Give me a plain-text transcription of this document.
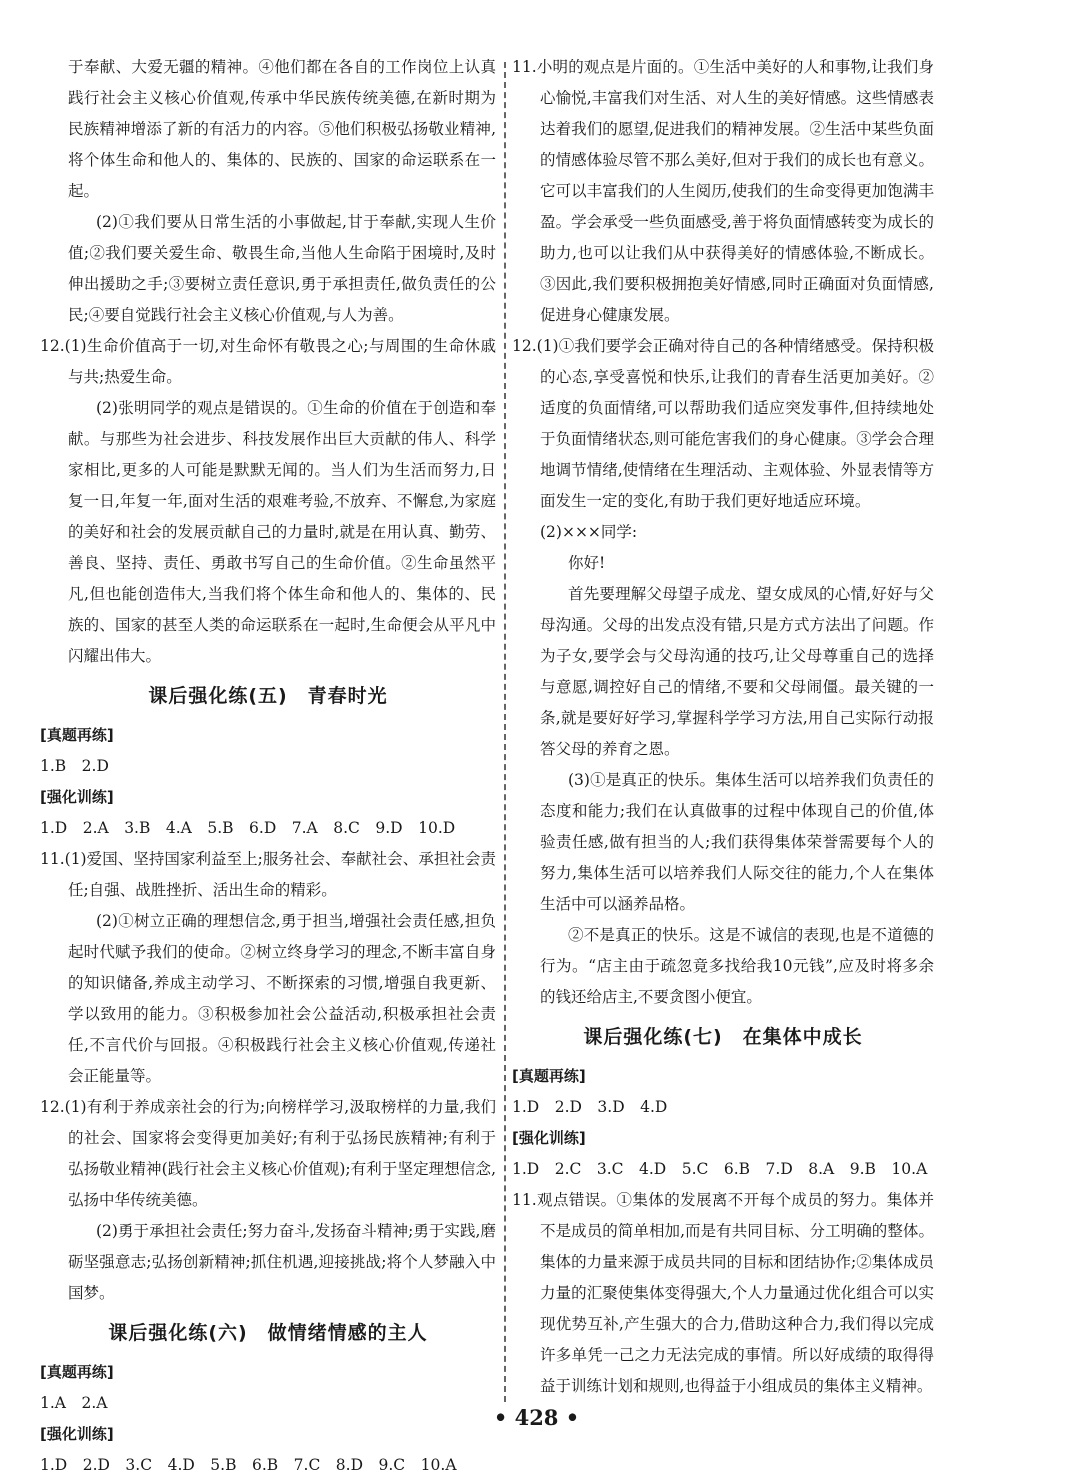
于奉献、大爱无疆的精神。④他们都在各自的工作岗位上认真践行社会主义核心价值观,传承中华民族传统美德,在新时期为民族精神增添了新的有活力的内容。⑤他们积极弘扬敬业精神,将个体生命和他人的、集体的、民族的、国家的命运联系在一起。

(2)①我们要从日常生活的小事做起,甘于奉献,实现人生价值;②我们要关爱生命、敬畏生命,当他人生命陷于困境时,及时伸出援助之手;③要树立责任意识,勇于承担责任,做负责任的公民;④要自觉践行社会主义核心价值观,与人为善。

12.(1)生命价值高于一切,对生命怀有敬畏之心;与周围的生命休戚与共;热爱生命。

(2)张明同学的观点是错误的。①生命的价值在于创造和奉献。与那些为社会进步、科技发展作出巨大贡献的伟人、科学家相比,更多的人可能是默默无闻的。当人们为生活而努力,日复一日,年复一年,面对生活的艰难考验,不放弃、不懈怠,为家庭的美好和社会的发展贡献自己的力量时,就是在用认真、勤劳、善良、坚持、责任、勇敢书写自己的生命价值。②生命虽然平凡,但也能创造伟大,当我们将个体生命和他人的、集体的、民族的、国家的甚至人类的命运联系在一起时,生命便会从平凡中闪耀出伟大。

课后强化练(五)　青春时光

[真题再练]

1.B　2.D

[强化训练]

1.D　2.A　3.B　4.A　5.B　6.D　7.A　8.C　9.D　10.D

11.(1)爱国、坚持国家利益至上;服务社会、奉献社会、承担社会责任;自强、战胜挫折、活出生命的精彩。

(2)①树立正确的理想信念,勇于担当,增强社会责任感,担负起时代赋予我们的使命。②树立终身学习的理念,不断丰富自身的知识储备,养成主动学习、不断探索的习惯,增强自我更新、学以致用的能力。③积极参加社会公益活动,积极承担社会责任,不言代价与回报。④积极践行社会主义核心价值观,传递社会正能量等。

12.(1)有利于养成亲社会的行为;向榜样学习,汲取榜样的力量,我们的社会、国家将会变得更加美好;有利于弘扬民族精神;有利于弘扬敬业精神(践行社会主义核心价值观);有利于坚定理想信念,弘扬中华传统美德。

(2)勇于承担社会责任;努力奋斗,发扬奋斗精神;勇于实践,磨砺坚强意志;弘扬创新精神;抓住机遇,迎接挑战;将个人梦融入中国梦。

课后强化练(六)　做情绪情感的主人

[真题再练]

1.A　2.A

[强化训练]

1.D　2.D　3.C　4.D　5.B　6.B　7.C　8.D　9.C　10.A

11.小明的观点是片面的。①生活中美好的人和事物,让我们身心愉悦,丰富我们对生活、对人生的美好情感。这些情感表达着我们的愿望,促进我们的精神发展。②生活中某些负面的情感体验尽管不那么美好,但对于我们的成长也有意义。它可以丰富我们的人生阅历,使我们的生命变得更加饱满丰盈。学会承受一些负面感受,善于将负面情感转变为成长的助力,也可以让我们从中获得美好的情感体验,不断成长。③因此,我们要积极拥抱美好情感,同时正确面对负面情感,促进身心健康发展。

12.(1)①我们要学会正确对待自己的各种情绪感受。保持积极的心态,享受喜悦和快乐,让我们的青春生活更加美好。②适度的负面情绪,可以帮助我们适应突发事件,但持续地处于负面情绪状态,则可能危害我们的身心健康。③学会合理地调节情绪,使情绪在生理活动、主观体验、外显表情等方面发生一定的变化,有助于我们更好地适应环境。

(2)×××同学:

你好!

首先要理解父母望子成龙、望女成凤的心情,好好与父母沟通。父母的出发点没有错,只是方式方法出了问题。作为子女,要学会与父母沟通的技巧,让父母尊重自己的选择与意愿,调控好自己的情绪,不要和父母闹僵。最关键的一条,就是要好好学习,掌握科学学习方法,用自己实际行动报答父母的养育之恩。

(3)①是真正的快乐。集体生活可以培养我们负责任的态度和能力;我们在认真做事的过程中体现自己的价值,体验责任感,做有担当的人;我们获得集体荣誉需要每个人的努力,集体生活可以培养我们人际交往的能力,个人在集体生活中可以涵养品格。

②不是真正的快乐。这是不诚信的表现,也是不道德的行为。“店主由于疏忽竟多找给我10元钱”,应及时将多余的钱还给店主,不要贪图小便宜。

课后强化练(七)　在集体中成长

[真题再练]

1.D　2.D　3.D　4.D

[强化训练]

1.D　2.C　3.C　4.D　5.C　6.B　7.D　8.A　9.B　10.A

11.观点错误。①集体的发展离不开每个成员的努力。集体并不是成员的简单相加,而是有共同目标、分工明确的整体。集体的力量来源于成员共同的目标和团结协作;②集体成员力量的汇聚使集体变得强大,个人力量通过优化组合可以实现优势互补,产生强大的合力,借助这种合力,我们得以完成许多单凭一己之力无法完成的事情。所以好成绩的取得得益于训练计划和规则,也得益于小组成员的集体主义精神。

• 428 •
